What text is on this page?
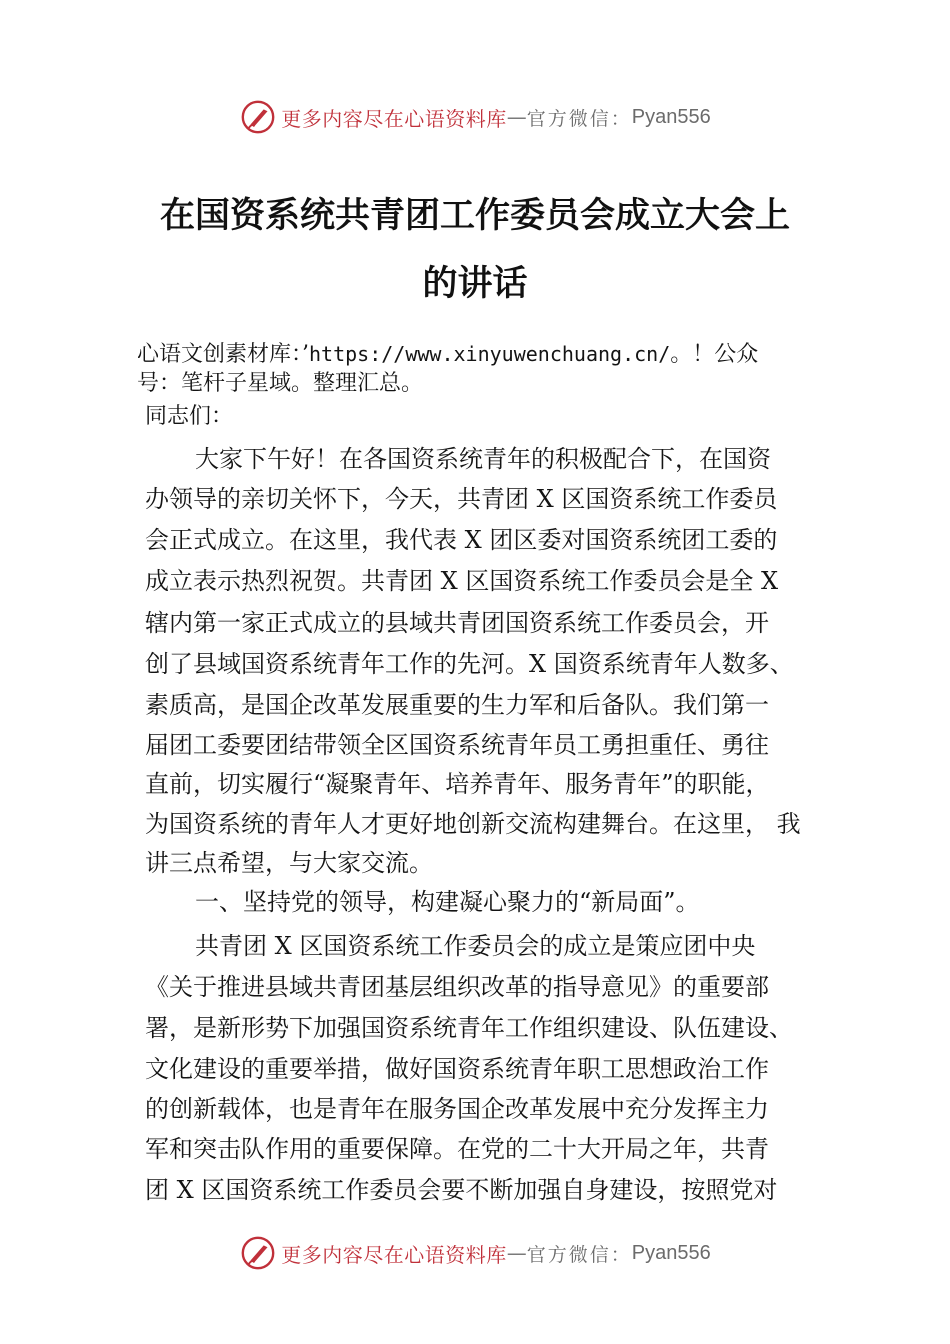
更多内容尽在心语资料库 — 官方微信： Pyan556
在国资系统共青团工作委员会成立大会上
的讲话
心语文创素材库：’https://www.xinyuwenchuang.cn/。！公众
号：笔杆子星域。整理汇总。
同志们：
大家下午好！在各国资系统青年的积极配合下，在国资
办领导的亲切关怀下，今天，共青团 X 区国资系统工作委员
会正式成立。在这里，我代表 X 团区委对国资系统团工委的
成立表示热烈祝贺。共青团 X 区国资系统工作委员会是全 X
辖内第一家正式成立的县域共青团国资系统工作委员会，开
创了县域国资系统青年工作的先河。X 国资系统青年人数多、
素质高，是国企改革发展重要的生力军和后备队。我们第一
届团工委要团结带领全区国资系统青年员工勇担重任、勇往
直前，切实履行“凝聚青年、培养青年、服务青年”的职能，
为国资系统的青年人才更好地创新交流构建舞台。在这里， 我
讲三点希望，与大家交流。
一、坚持党的领导，构建凝心聚力的“新局面”。
共青团 X 区国资系统工作委员会的成立是策应团中央
《关于推进县域共青团基层组织改革的指导意见》的重要部
署，是新形势下加强国资系统青年工作组织建设、队伍建设、
文化建设的重要举措，做好国资系统青年职工思想政治工作
的创新载体，也是青年在服务国企改革发展中充分发挥主力
军和突击队作用的重要保障。在党的二十大开局之年，共青
团 X 区国资系统工作委员会要不断加强自身建设，按照党对
更多内容尽在心语资料库 — 官方微信： Pyan556
